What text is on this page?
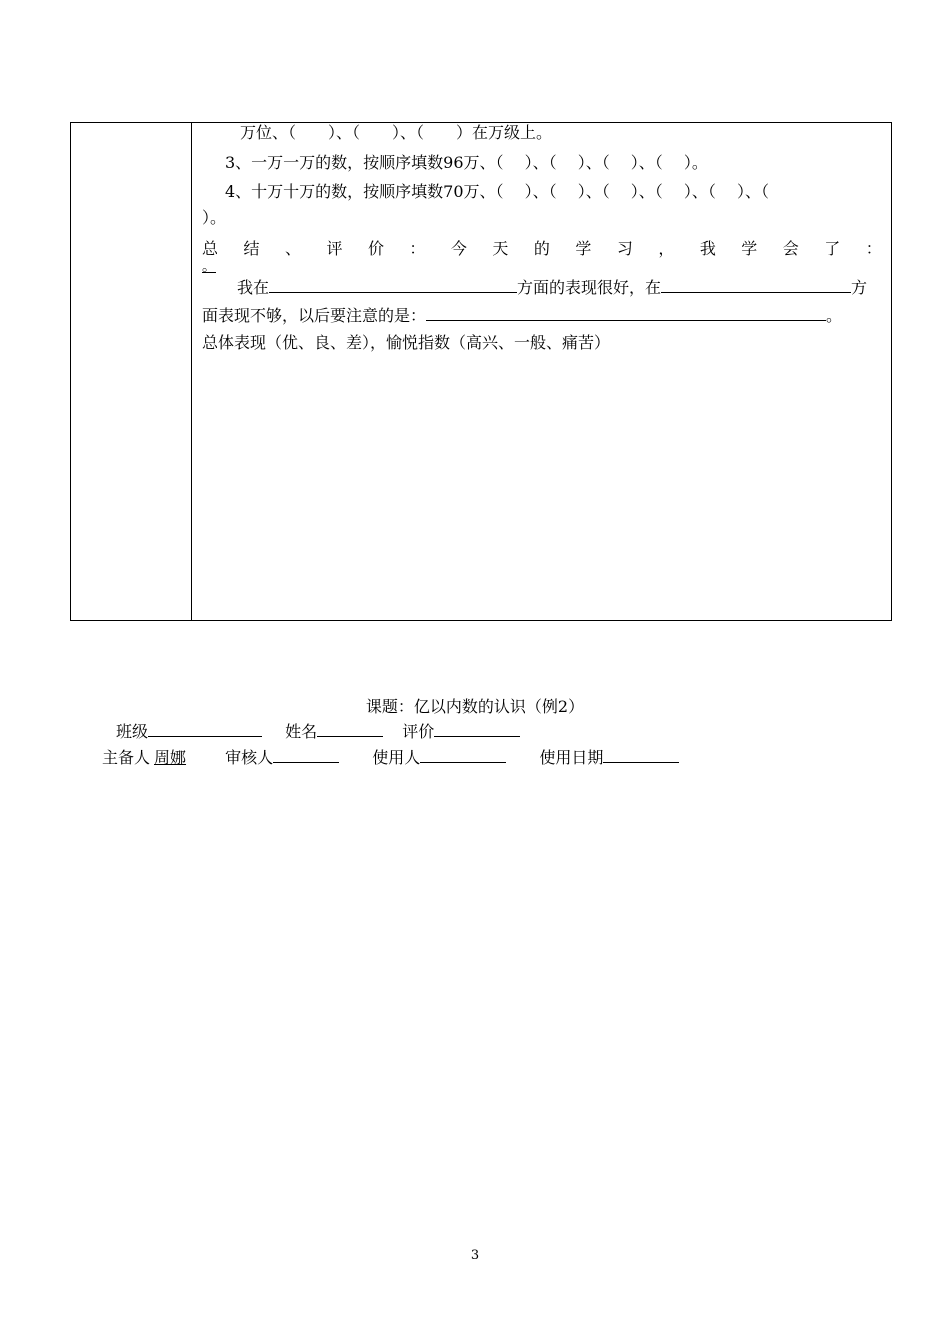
万位、（　　）、（　　）、（　　）在万级上。
3、一万一万的数，按顺序填数96万、（　 ）、（　 ）、（　 ）、（　 ）。
4、十万十万的数，按顺序填数70万、（　 ）、（　 ）、（　 ）、（　 ）、（　 ）、（
）。
总 结 、 评 价 ： 今 天 的 学 习 ， 我 学 会 了 ：
。
我在	方面的表现很好，在	方
面表现不够，以后要注意的是：	。
总体表现（优、良、差），愉悦指数（高兴、一般、痛苦）
课题：亿以内数的认识（例2）
班级	姓名	评价
主备人 周娜 审核人	使用人	使用日期
3
